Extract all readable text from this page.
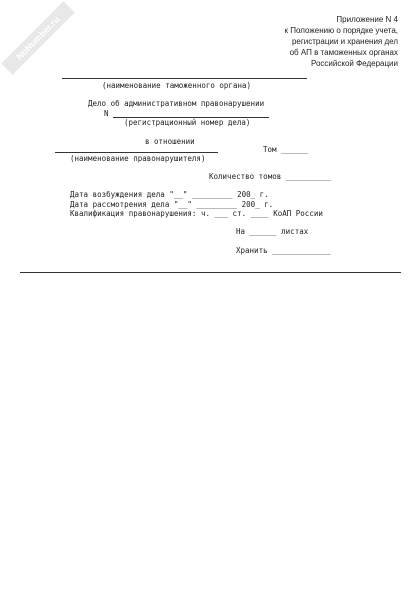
NoNumber.ru	Приложение N 4
к Положению о порядке учета,
регистрации и хранения дел
об АП в таможенных органах
Российской Федерации
(наименование таможенного органа)
Дело об административном правонарушении
N
(регистрационный номер дела)
в отношении
Том ______
(наименование правонарушителя)
Количество томов __________
Дата возбуждения дела "__" _________ 200_ г.
Дата рассмотрения дела "__" _________ 200_ г.
Квалификация правонарушения: ч. ___ ст. ____ КоАП России
На ______ листах
Хранить _____________
